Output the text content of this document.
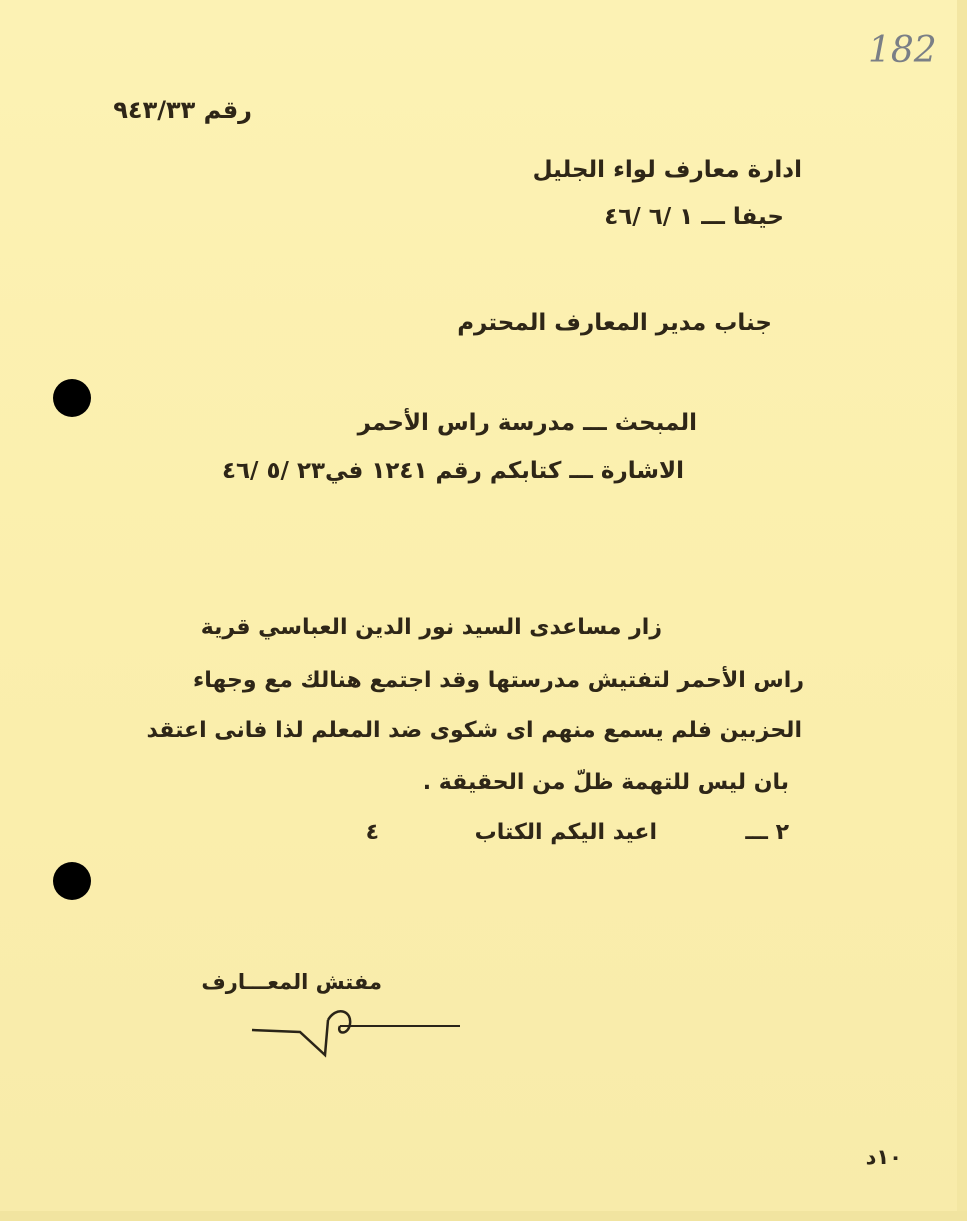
182
رقم ٩٤٣/٣٣
ادارة معارف لواء الجليل
حيفا ـــ ١ /٦ /٤٦
جناب مدير المعارف المحترم
المبحث ـــ مدرسة راس الأحمر
الاشارة ـــ كتابكم رقم ١٢٤١ في٢٣ /٥ /٤٦
زار مساعدى السيد نور الدين العباسي قرية
راس الأحمر لتفتيش مدرستها وقد اجتمع هنالك مع وجهاء
الحزبين فلم يسمع منهم اى شكوى ضد المعلم لذا فانى اعتقد
بان ليس للتهمة ظلّ من الحقيقة .
٢ ـــ
اعيد اليكم الكتاب
٤
مفتش المعـــارف
١٠د
